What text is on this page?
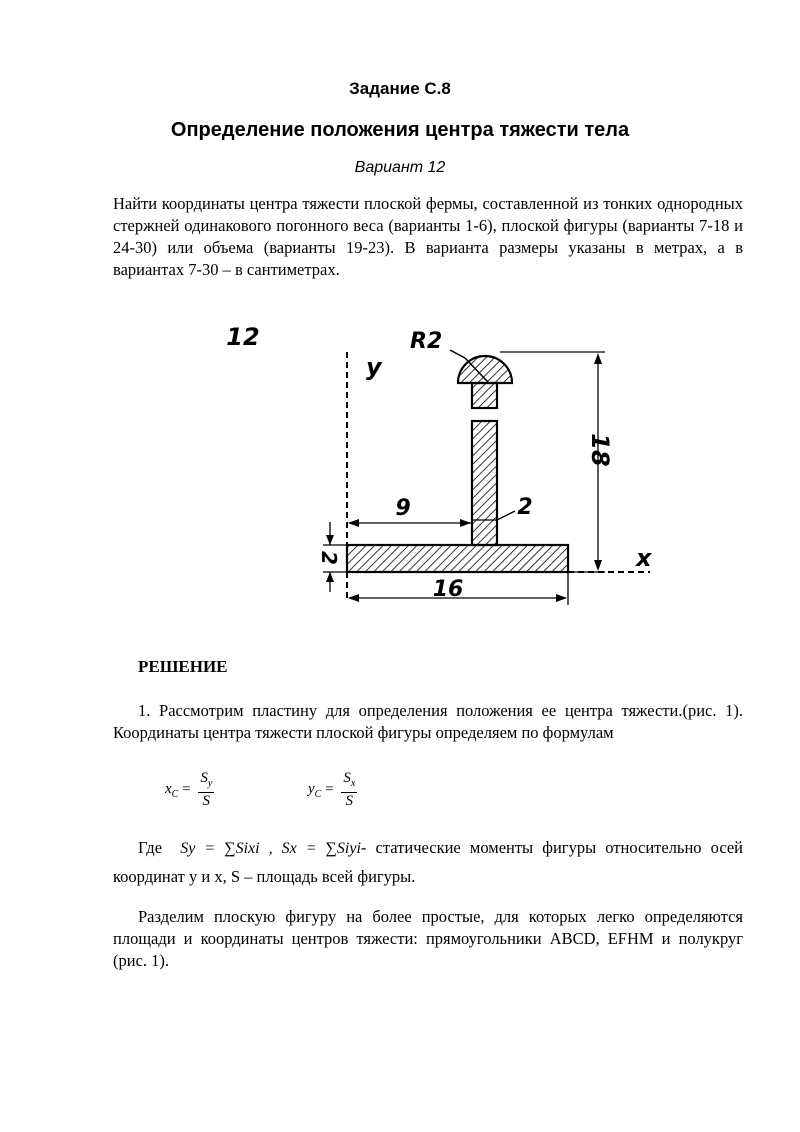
Задание С.8
Определение положения центра тяжести тела
Вариант 12
Найти координаты центра тяжести плоской фермы, составленной из тонких однородных стержней одинакового погонного веса (варианты 1-6), плоской фигуры (варианты 7-18 и 24-30) или объема (варианты 19-23). В варианта размеры указаны в метрах, а в вариантах 7-30 – в сантиметрах.
12
y
x
R2
18
9	2
2
16
РЕШЕНИЕ
1. Рассмотрим пластину для определения положения ее центра тяжести.(рис. 1). Координаты центра тяжести плоской фигуры определяем по формулам
$x_C = \frac{S_y}{S}$	$y_C = \frac{S_x}{S}$
Где Sy = ∑Sixi , Sx = ∑Siyi- статические моменты фигуры относительно осей координат y и x, S – площадь всей фигуры.
Разделим плоскую фигуру на более простые, для которых легко определяются площади и координаты центров тяжести: прямоугольники ABCD, EFHM и полукруг (рис. 1).
